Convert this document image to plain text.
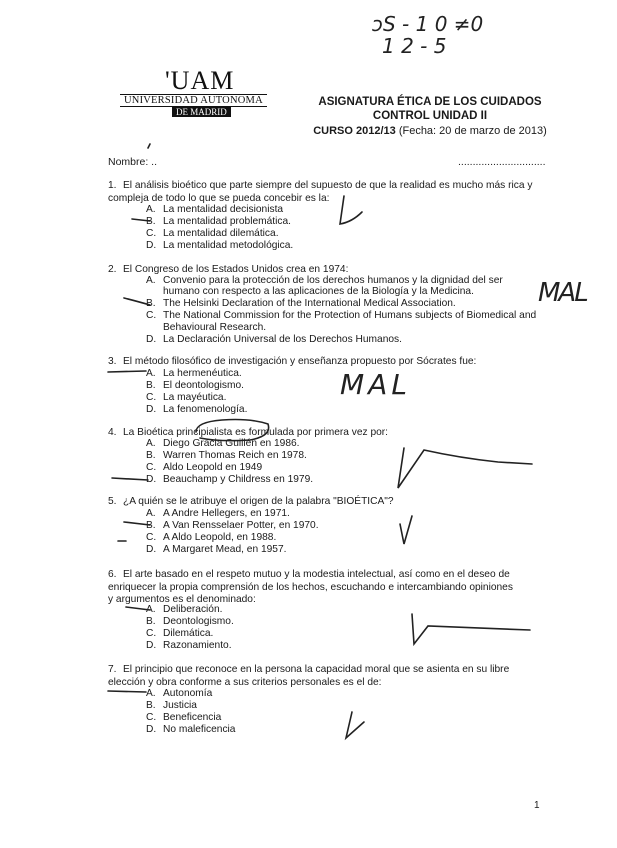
ɔS - 1 0 ≠0
1 2 - 5
'UAM
UNIVERSIDAD AUTONOMA
DE MADRID
ASIGNATURA ÉTICA DE LOS CUIDADOS
CONTROL UNIDAD II
CURSO 2012/13 (Fecha: 20 de marzo de 2013)
Nombre: ..	..............................
1. El análisis bioético que parte siempre del supuesto de que la realidad es mucho más rica y
compleja de todo lo que se pueda concebir es la:
A. La mentalidad decisionista
B. La mentalidad problemática.
C. La mentalidad dilemática.
D. La mentalidad metodológica.
2. El Congreso de los Estados Unidos crea en 1974:
A. Convenio para la protección de los derechos humanos y la dignidad del ser
humano con respecto a las aplicaciones de la Biología y la Medicina.
B. The Helsinki Declaration of the International Medical Association.
C. The National Commission for the Protection of Humans subjects of Biomedical and
Behavioural Research.
D. La Declaración Universal de los Derechos Humanos.
3. El método filosófico de investigación y enseñanza propuesto por Sócrates fue:
A. La hermenéutica.
B. El deontologismo.
C. La mayéutica.
D. La fenomenología.
4. La Bioética principialista es formulada por primera vez por:
A. Diego Gracia Guillén en 1986.
B. Warren Thomas Reich en 1978.
C. Aldo Leopold en 1949
D. Beauchamp y Childress en 1979.
5. ¿A quién se le atribuye el origen de la palabra "BIOÉTICA"?
A. A Andre Hellegers, en 1971.
B. A Van Rensselaer Potter, en 1970.
C. A Aldo Leopold, en 1988.
D. A Margaret Mead, en 1957.
6. El arte basado en el respeto mutuo y la modestia intelectual, así como en el deseo de
enriquecer la propia comprensión de los hechos, escuchando e intercambiando opiniones
y argumentos es el denominado:
A. Deliberación.
B. Deontologismo.
C. Dilemática.
D. Razonamiento.
7. El principio que reconoce en la persona la capacidad moral que se asienta en su libre
elección y obra conforme a sus criterios personales es el de:
A. Autonomía
B. Justicia
C. Beneficencia
D. No maleficencia
MAL
MAL
1
